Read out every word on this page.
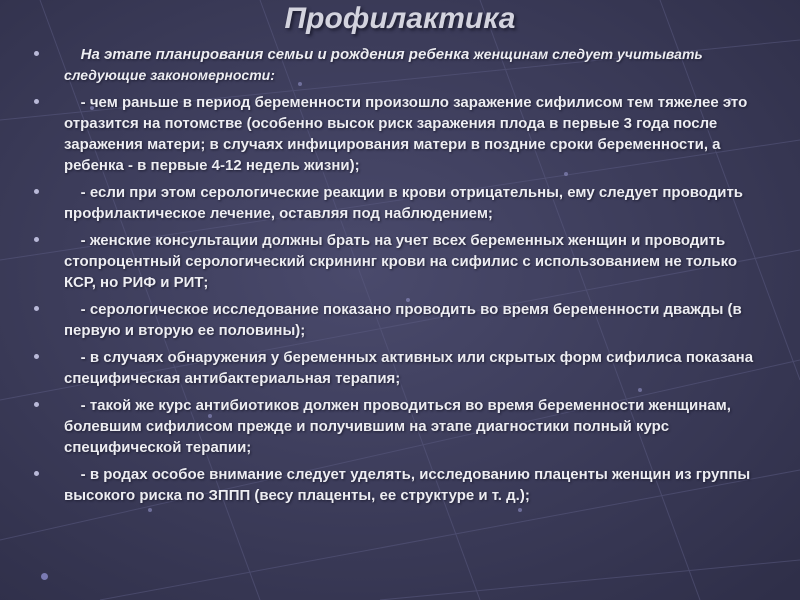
Профилактика
На этапе планирования семьи и рождения ребенка женщинам следует учитывать следующие закономерности:
- чем раньше в период беременности произошло заражение сифилисом тем тяжелее это отразится на потомстве (особенно высок риск заражения плода в первые 3 года после заражения матери; в случаях инфицирования матери в поздние сроки беременности, а ребенка - в первые 4-12 недель жизни);
- если при этом серологические реакции в крови отрицательны, ему следует проводить профилактическое лечение, оставляя под наблюдением;
- женские консультации должны брать на учет всех беременных женщин и проводить стопроцентный серологический скрининг крови на сифилис с использованием не только КСР, но РИФ и РИТ;
- серологическое исследование показано проводить во время беременности дважды (в первую и вторую ее половины);
- в случаях обнаружения у беременных активных или скрытых форм сифилиса показана специфическая антибактериальная терапия;
- такой же курс антибиотиков должен проводиться во время беременности женщинам, болевшим сифилисом прежде и получившим на этапе диагностики полный курс специфической терапии;
- в родах особое внимание следует уделять, исследованию плаценты женщин из группы высокого риска по ЗППП (весу плаценты, ее структуре и т. д.);
